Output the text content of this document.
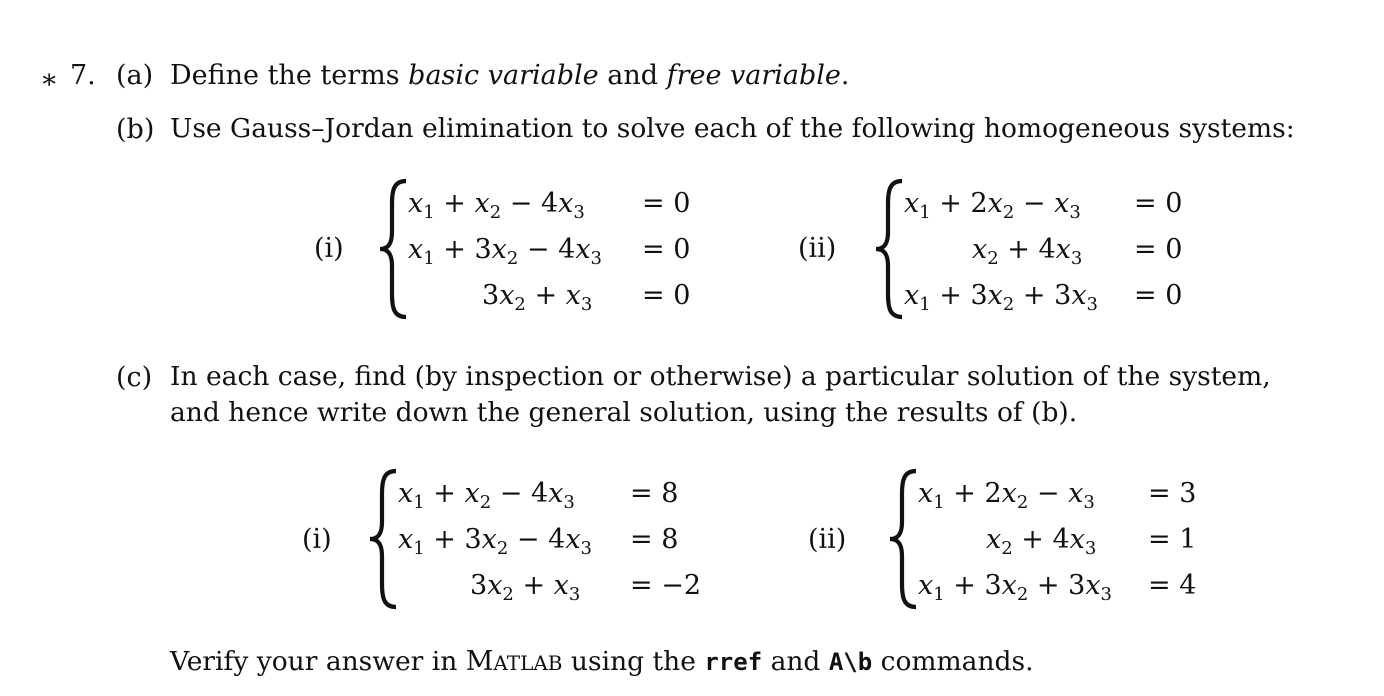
∗ 7. (a) Define the terms basic variable and free variable.
(b) Use Gauss–Jordan elimination to solve each of the following homogeneous systems:
(i)
$x_1 + x_2 - 4x_3$
$x_1 + 3x_2 - 4x_3$
$3x_2 + x_3$
= 0
= 0
= 0
(ii)
$x_1 + 2x_2 - x_3$
$x_2 + 4x_3$
$x_1 + 3x_2 + 3x_3$
= 0
= 0
= 0
(c) In each case, find (by inspection or otherwise) a particular solution of the system,
and hence write down the general solution, using the results of (b).
(i)
$x_1 + x_2 - 4x_3$
$x_1 + 3x_2 - 4x_3$
$3x_2 + x_3$
= 8
= 8
= −2
(ii)
$x_1 + 2x_2 - x_3$
$x_2 + 4x_3$
$x_1 + 3x_2 + 3x_3$
= 3
= 1
= 4
Verify your answer in MATLAB using the rref and A\b commands.
